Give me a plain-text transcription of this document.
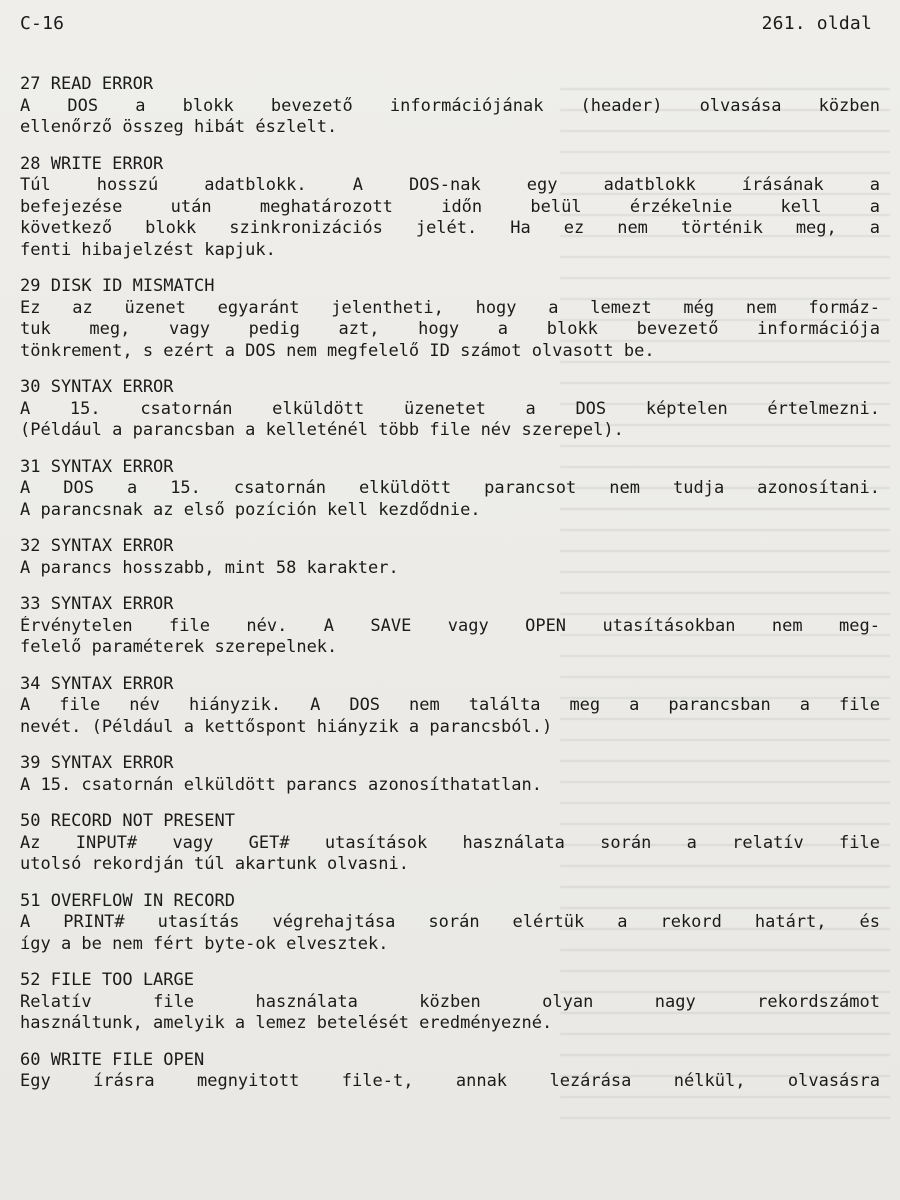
C-16	261. oldal
27 READ ERROR
A DOS a blokk bevezető információjának (header) olvasása közben
ellenőrző összeg hibát észlelt.
28 WRITE ERROR
Túl hosszú adatblokk. A DOS-nak egy adatblokk írásának a
befejezése után meghatározott időn belül érzékelnie kell a
következő blokk szinkronizációs jelét. Ha ez nem történik meg, a
fenti hibajelzést kapjuk.
29 DISK ID MISMATCH
Ez az üzenet egyaránt jelentheti, hogy a lemezt még nem formáz-
tuk meg, vagy pedig azt, hogy a blokk bevezető információja
tönkrement, s ezért a DOS nem megfelelő ID számot olvasott be.
30 SYNTAX ERROR
A 15. csatornán elküldött üzenetet a DOS képtelen értelmezni.
(Például a parancsban a kelleténél több file név szerepel).
31 SYNTAX ERROR
A DOS a 15. csatornán elküldött parancsot nem tudja azonosítani.
A parancsnak az első pozíción kell kezdődnie.
32 SYNTAX ERROR
A parancs hosszabb, mint 58 karakter.
33 SYNTAX ERROR
Érvénytelen file név. A SAVE vagy OPEN utasításokban nem meg-
felelő paraméterek szerepelnek.
34 SYNTAX ERROR
A file név hiányzik. A DOS nem találta meg a parancsban a file
nevét. (Például a kettőspont hiányzik a parancsból.)
39 SYNTAX ERROR
A 15. csatornán elküldött parancs azonosíthatatlan.
50 RECORD NOT PRESENT
Az INPUT# vagy GET# utasítások használata során a relatív file
utolsó rekordján túl akartunk olvasni.
51 OVERFLOW IN RECORD
A PRINT# utasítás végrehajtása során elértük a rekord határt, és
így a be nem fért byte-ok elvesztek.
52 FILE TOO LARGE
Relatív file használata közben olyan nagy rekordszámot
használtunk, amelyik a lemez betelését eredményezné.
60 WRITE FILE OPEN
Egy írásra megnyitott file-t, annak lezárása nélkül, olvasásra
